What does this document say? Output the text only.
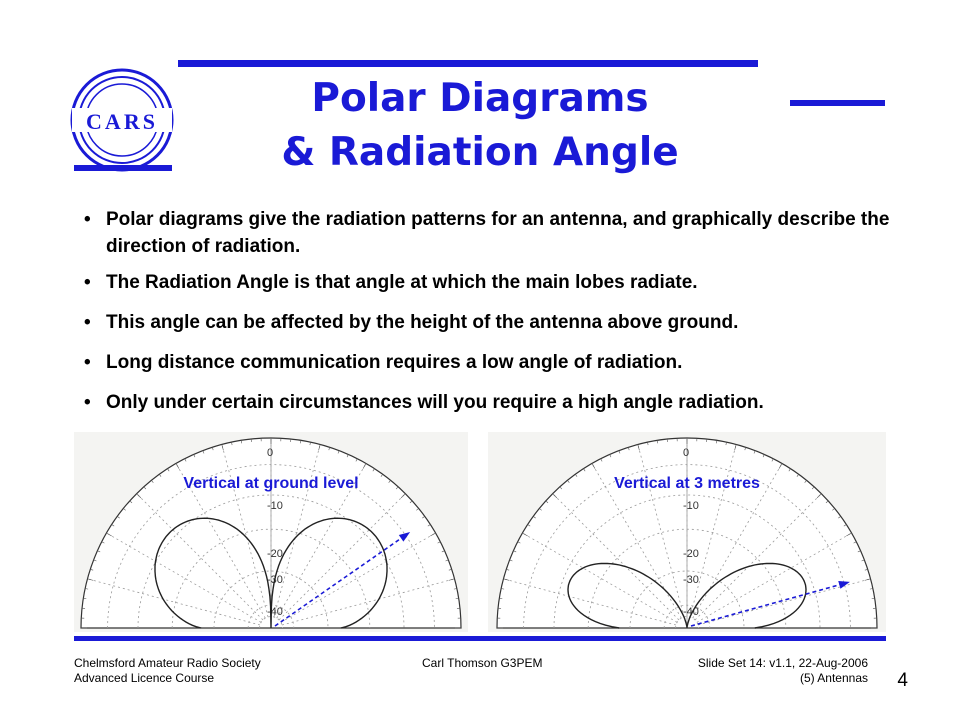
CARS
Polar Diagrams
& Radiation Angle
• Polar diagrams give the radiation patterns for an antenna, and graphically describe the direction of radiation.
• The Radiation Angle is that angle at which the main lobes radiate.
• This angle can be affected by the height of the antenna above ground.
• Long distance communication requires a low angle of radiation.
• Only under certain circumstances will you require a high angle radiation.
0
-10
-20
-30
-40
Vertical at ground level
0
-10
-20
-30
-40
Vertical at 3 metres
Chelmsford Amateur Radio Society
Advanced Licence Course
Carl Thomson G3PEM	Slide Set 14: v1.1, 22-Aug-2006
(5) Antennas 4
